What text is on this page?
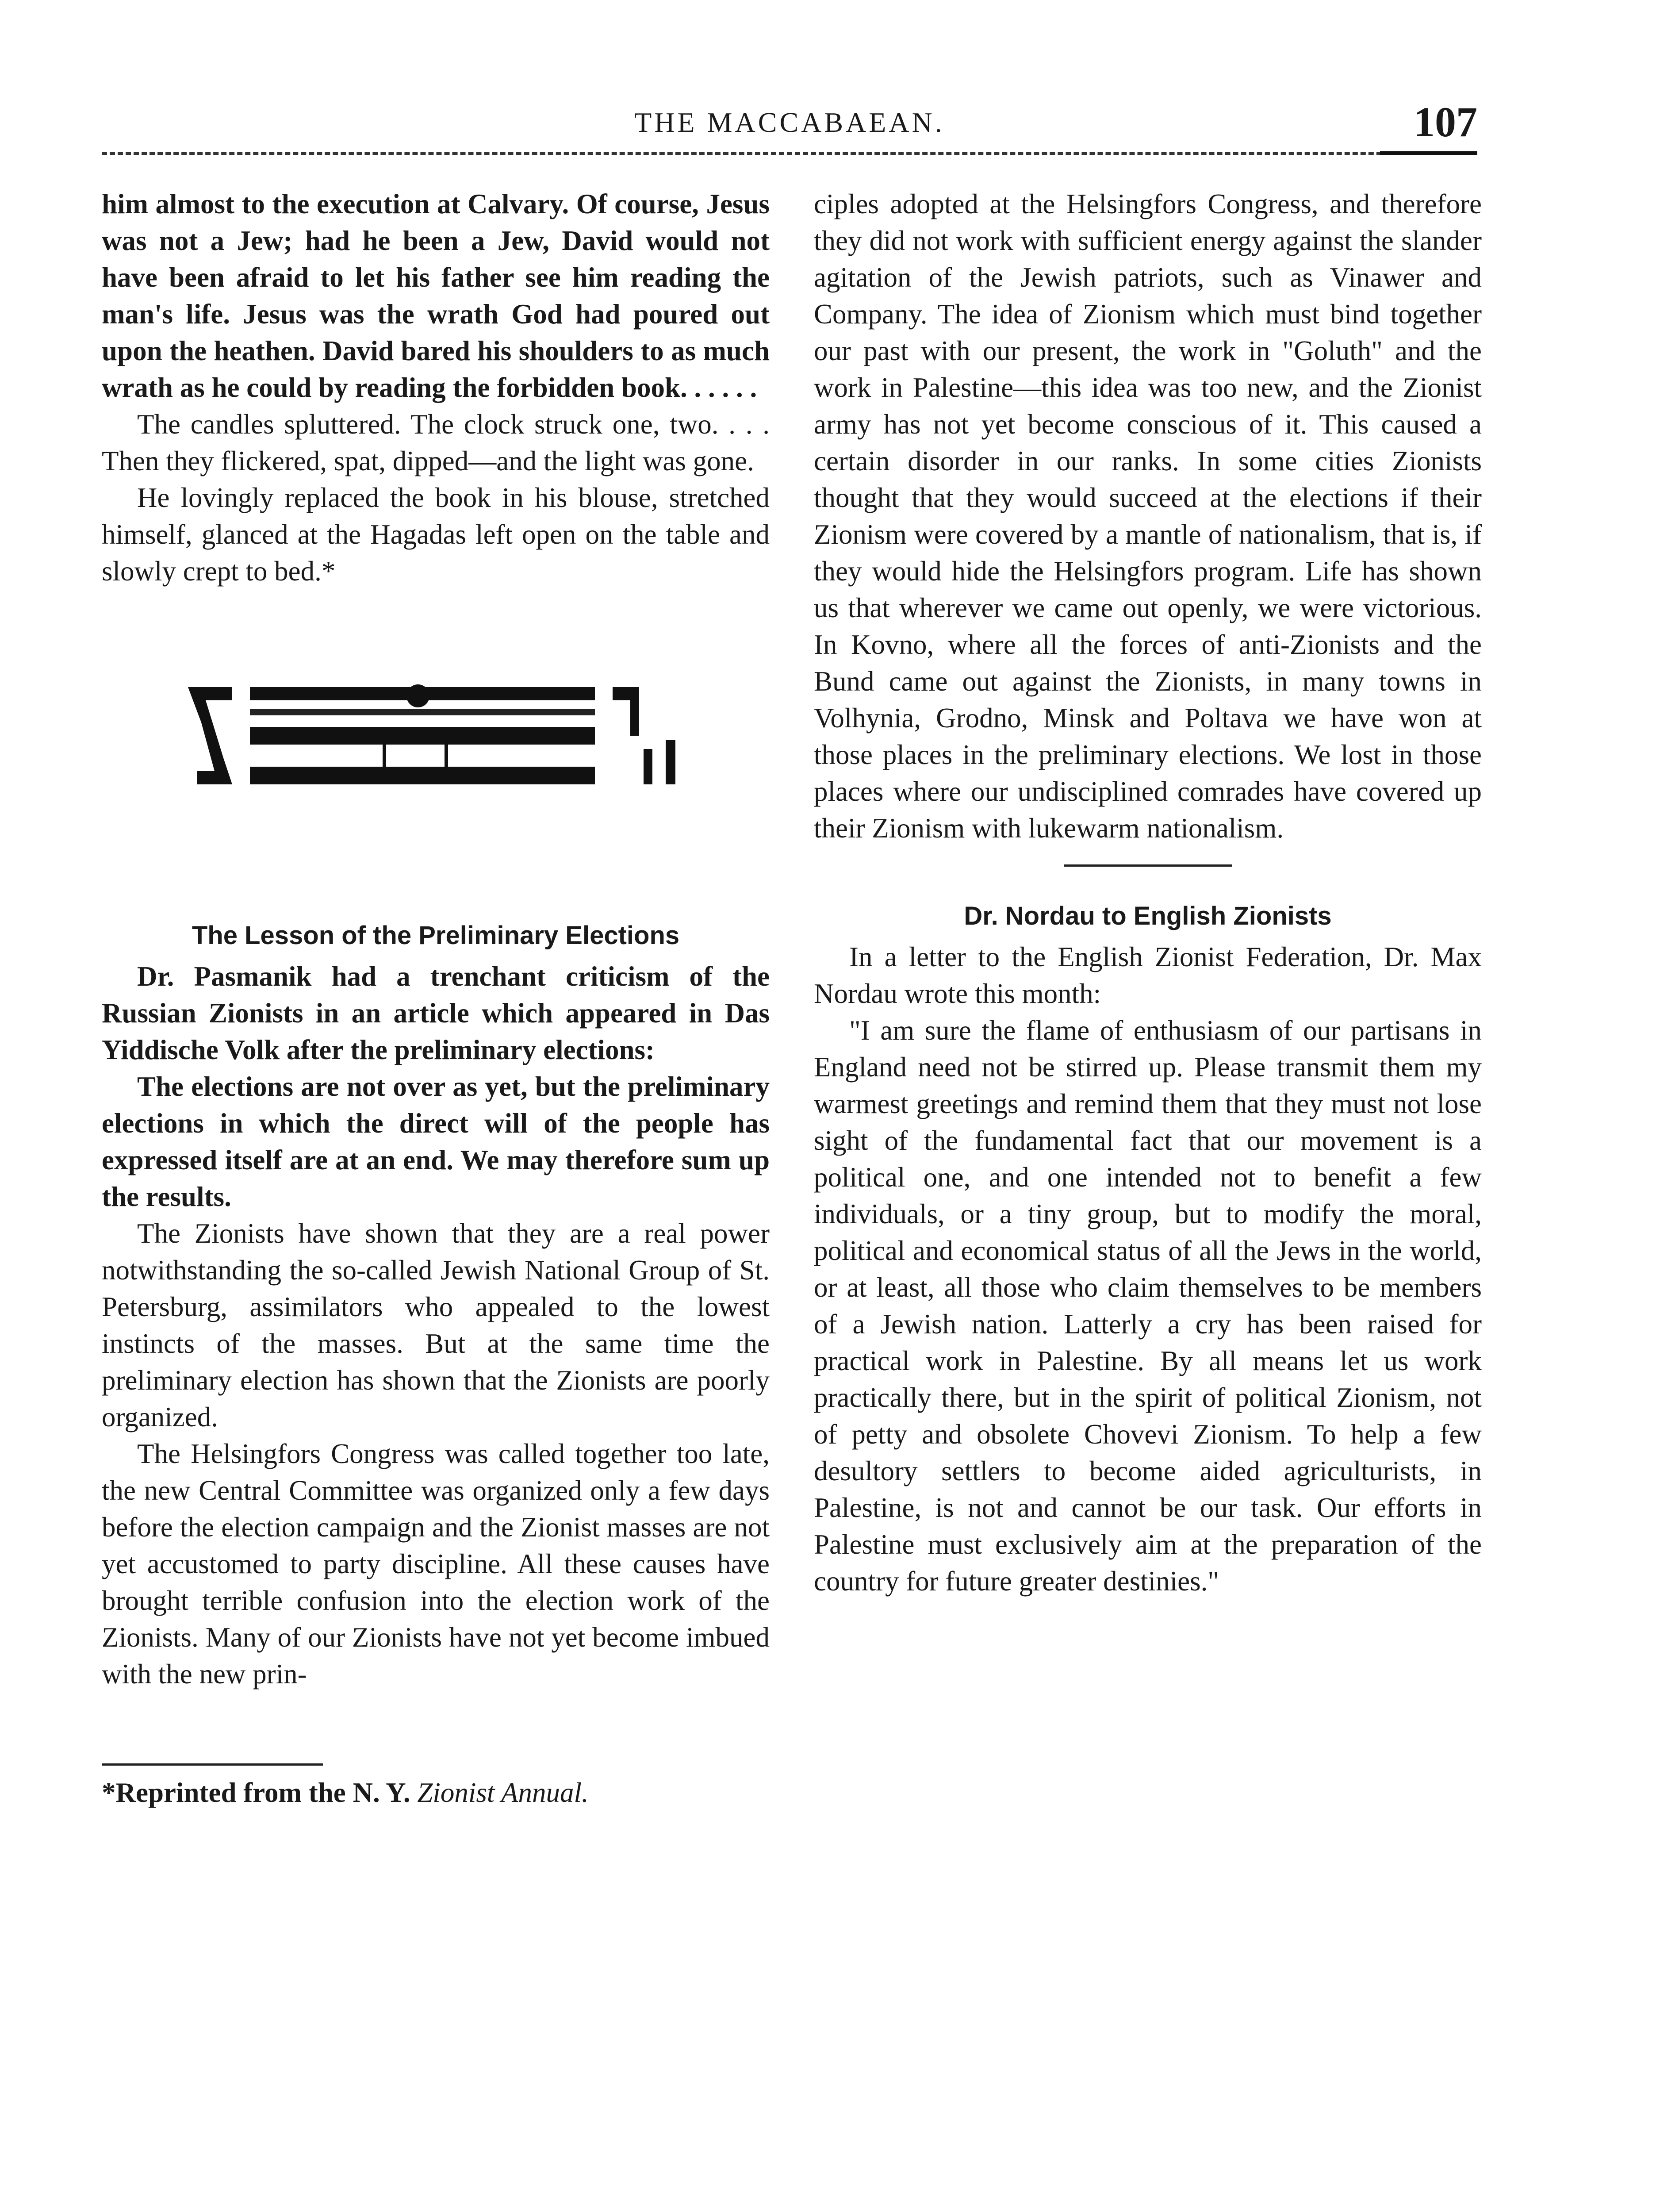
THE MACCABAEAN.	107

him almost to the execution at Calvary. Of course, Jesus was not a Jew; had he been a Jew, David would not have been afraid to let his father see him reading the man's life. Jesus was the wrath God had poured out upon the heathen. David bared his shoulders to as much wrath as he could by reading the forbidden book. . . . . .

The candles spluttered. The clock struck one, two. . . . Then they flickered, spat, dipped—and the light was gone.

He lovingly replaced the book in his blouse, stretched himself, glanced at the Hagadas left open on the table and slowly crept to bed.*

The Lesson of the Preliminary Elections

Dr. Pasmanik had a trenchant criticism of the Russian Zionists in an article which appeared in Das Yiddische Volk after the preliminary elections:

The elections are not over as yet, but the preliminary elections in which the direct will of the people has expressed itself are at an end. We may therefore sum up the results.

The Zionists have shown that they are a real power notwithstanding the so-called Jewish National Group of St. Petersburg, assimilators who appealed to the lowest instincts of the masses. But at the same time the preliminary election has shown that the Zionists are poorly organized.

The Helsingfors Congress was called together too late, the new Central Committee was organized only a few days before the election campaign and the Zionist masses are not yet accustomed to party discipline. All these causes have brought terrible confusion into the election work of the Zionists. Many of our Zionists have not yet become imbued with the new prin-

*Reprinted from the N. Y. Zionist Annual.

ciples adopted at the Helsingfors Congress, and therefore they did not work with sufficient energy against the slander agitation of the Jewish patriots, such as Vinawer and Company. The idea of Zionism which must bind together our past with our present, the work in "Goluth" and the work in Palestine—this idea was too new, and the Zionist army has not yet become conscious of it. This caused a certain disorder in our ranks. In some cities Zionists thought that they would succeed at the elections if their Zionism were covered by a mantle of nationalism, that is, if they would hide the Helsingfors program. Life has shown us that wherever we came out openly, we were victorious. In Kovno, where all the forces of anti-Zionists and the Bund came out against the Zionists, in many towns in Volhynia, Grodno, Minsk and Poltava we have won at those places in the preliminary elections. We lost in those places where our undisciplined comrades have covered up their Zionism with lukewarm nationalism.

Dr. Nordau to English Zionists

In a letter to the English Zionist Federation, Dr. Max Nordau wrote this month:

"I am sure the flame of enthusiasm of our partisans in England need not be stirred up. Please transmit them my warmest greetings and remind them that they must not lose sight of the fundamental fact that our movement is a political one, and one intended not to benefit a few individuals, or a tiny group, but to modify the moral, political and economical status of all the Jews in the world, or at least, all those who claim themselves to be members of a Jewish nation. Latterly a cry has been raised for practical work in Palestine. By all means let us work practically there, but in the spirit of political Zionism, not of petty and obsolete Chovevi Zionism. To help a few desultory settlers to become aided agriculturists, in Palestine, is not and cannot be our task. Our efforts in Palestine must exclusively aim at the preparation of the country for future greater destinies."
